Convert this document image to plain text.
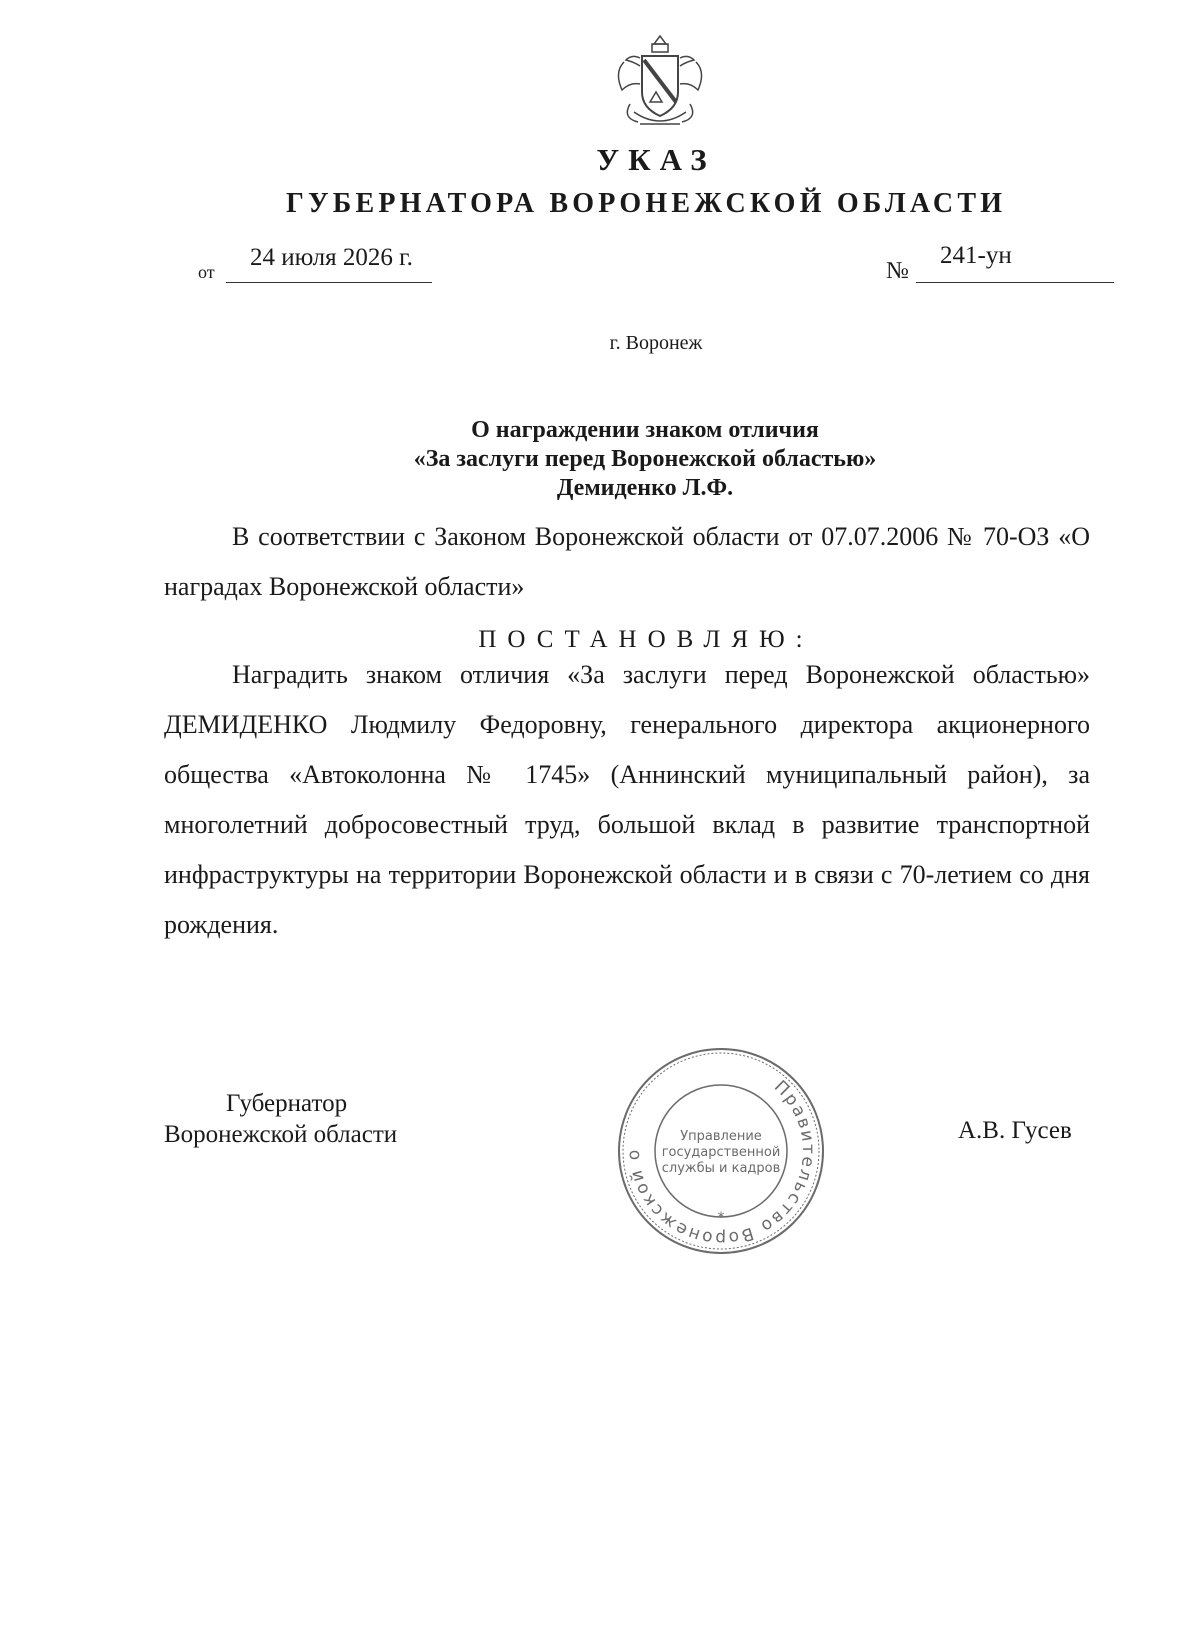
УКАЗ
ГУБЕРНАТОРА ВОРОНЕЖСКОЙ ОБЛАСТИ
от
24 июля 2026 г.	№
241-ун
г. Воронеж
О награждении знаком отличия
«За заслуги перед Воронежской областью»
Демиденко Л.Ф.

В соответствии с Законом Воронежской области от 07.07.2006 № 70-ОЗ «О наградах Воронежской области»

ПОСТАНОВЛЯЮ:

Наградить знаком отличия «За заслуги перед Воронежской областью» ДЕМИДЕНКО Людмилу Федоровну, генерального директора акционерного общества «Автоколонна № 1745» (Аннинский муниципальный район), за многолетний добросовестный труд, большой вклад в развитие транспортной инфраструктуры на территории Воронежской области и в связи с 70-летием со дня рождения.

Губернатор
Воронежской области
Правительство Воронежской о
*
Управление
государственной
службы и кадров
А.В. Гусев
